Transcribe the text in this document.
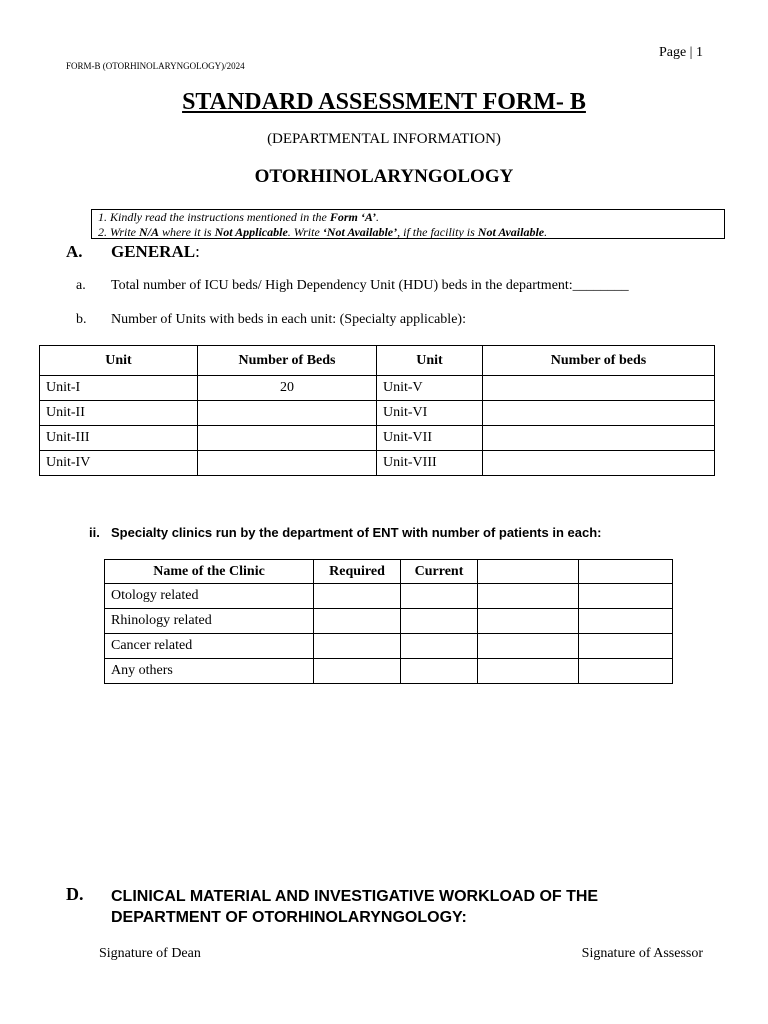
Page | 1
FORM-B (OTORHINOLARYNGOLOGY)/2024
STANDARD ASSESSMENT FORM- B
(DEPARTMENTAL INFORMATION)
OTORHINOLARYNGOLOGY
1. Kindly read the instructions mentioned in the Form ‘A’.
2. Write N/A where it is Not Applicable. Write ‘Not Available’, if the facility is Not Available.
A. GENERAL:
a. Total number of ICU beds/ High Dependency Unit (HDU) beds in the department:________
b. Number of Units with beds in each unit: (Specialty applicable):
Unit	Number of Beds	Unit	Number of beds
Unit-I	20	Unit-V	
Unit-II		Unit-VI	
Unit-III		Unit-VII	
Unit-IV		Unit-VIII	
ii. Specialty clinics run by the department of ENT with number of patients in each:
Name of the Clinic	Required	Current		
Otology related				
Rhinology related				
Cancer related				
Any others				
D. CLINICAL MATERIAL AND INVESTIGATIVE WORKLOAD OF THE
DEPARTMENT OF OTORHINOLARYNGOLOGY:
Signature of Dean	Signature of Assessor
